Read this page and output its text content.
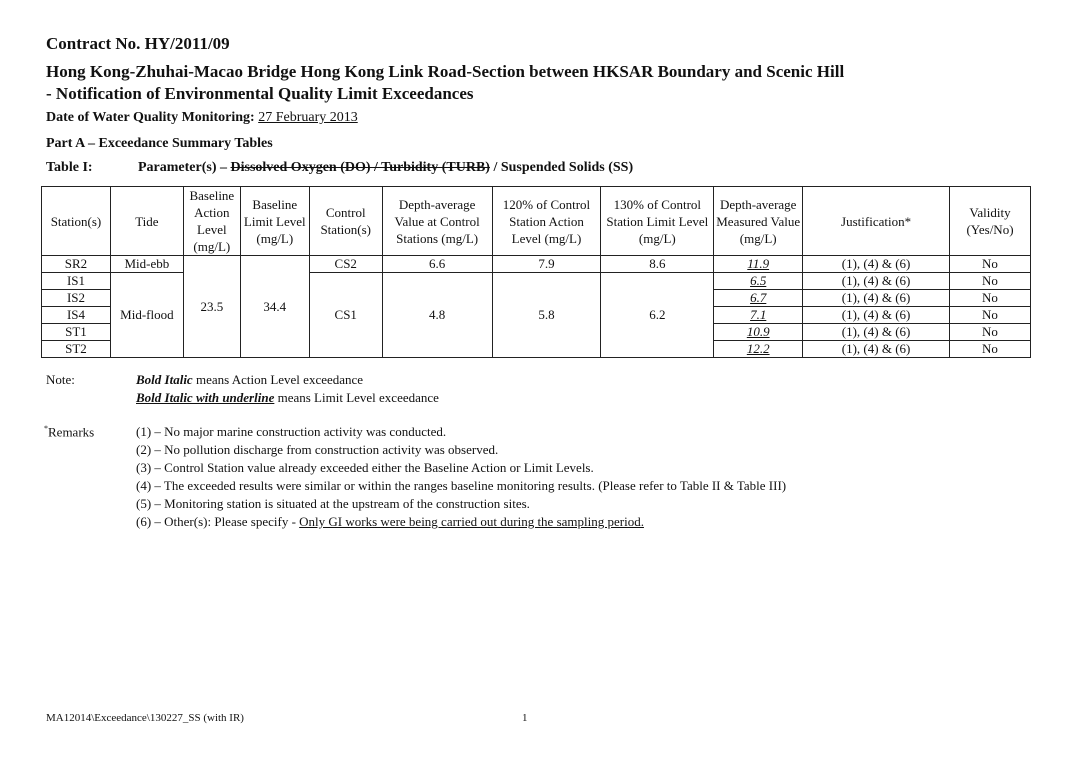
Contract No. HY/2011/09
Hong Kong-Zhuhai-Macao Bridge Hong Kong Link Road-Section between HKSAR Boundary and Scenic Hill
- Notification of Environmental Quality Limit Exceedances
Date of Water Quality Monitoring: 27 February 2013
Part A – Exceedance Summary Tables
Table I:	Parameter(s) – Dissolved Oxygen (DO) / Turbidity (TURB) / Suspended Solids (SS)
Station(s)	Tide	Baseline Action Level (mg/L)	Baseline Limit Level (mg/L)	Control Station(s)	Depth-average Value at Control Stations (mg/L)	120% of Control Station Action Level (mg/L)	130% of Control Station Limit Level (mg/L)	Depth-average Measured Value (mg/L)	Justification*	Validity (Yes/No)
SR2	Mid-ebb	23.5	34.4	CS2	6.6	7.9	8.6	11.9	(1), (4) & (6)	No
IS1	Mid-flood			CS1	4.8	5.8	6.2	6.5	(1), (4) & (6)	No
IS2								6.7	(1), (4) & (6)	No
IS4								7.1	(1), (4) & (6)	No
ST1								10.9	(1), (4) & (6)	No
ST2								12.2	(1), (4) & (6)	No
Note:	Bold Italic means Action Level exceedance
Bold Italic with underline means Limit Level exceedance
*Remarks	(1) – No major marine construction activity was conducted.
(2) – No pollution discharge from construction activity was observed.
(3) – Control Station value already exceeded either the Baseline Action or Limit Levels.
(4) – The exceeded results were similar or within the ranges baseline monitoring results. (Please refer to Table II & Table III)
(5) – Monitoring station is situated at the upstream of the construction sites.
(6) – Other(s): Please specify - Only GI works were being carried out during the sampling period.
MA12014\Exceedance\130227_SS (with IR)	1
